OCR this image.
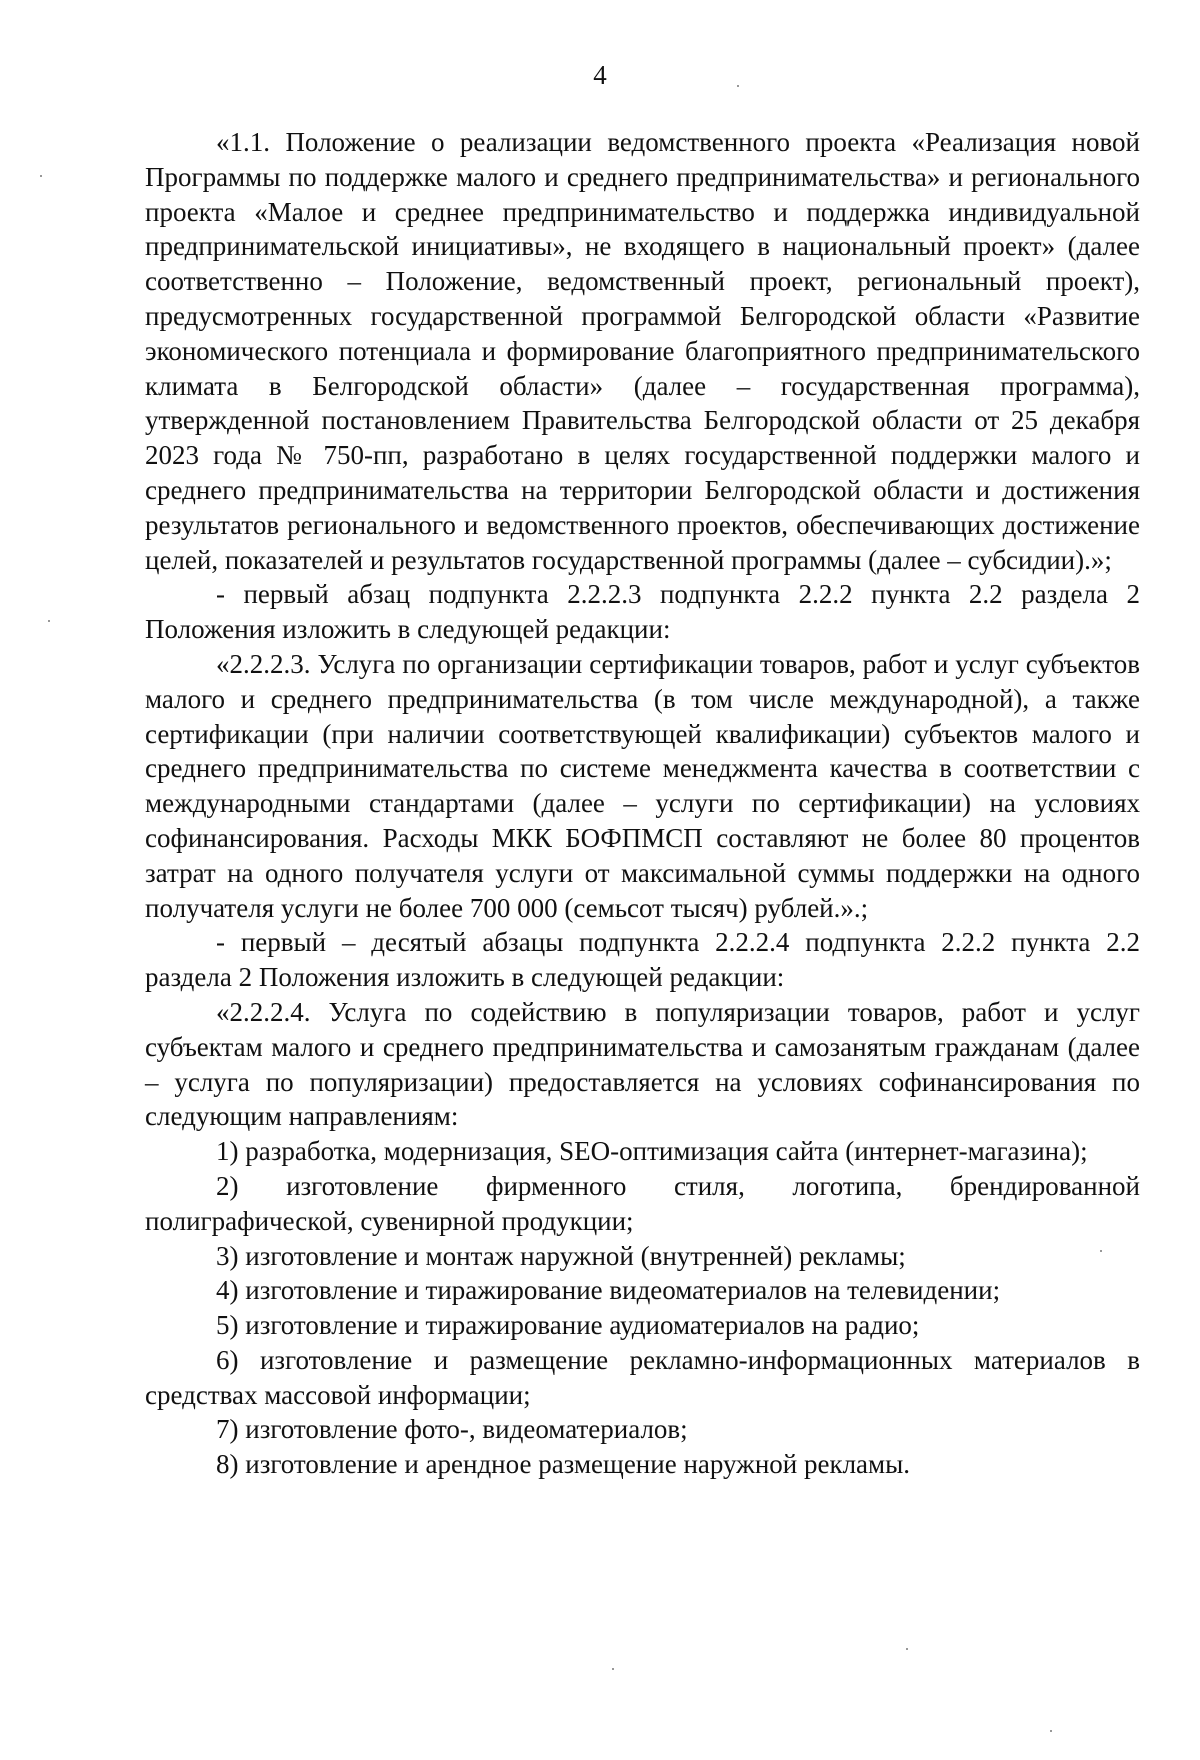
4

«1.1. Положение о реализации ведомственного проекта «Реализация новой Программы по поддержке малого и среднего предпринимательства» и регионального проекта «Малое и среднее предпринимательство и поддержка индивидуальной предпринимательской инициативы», не входящего в национальный проект» (далее соответственно – Положение, ведомственный проект, региональный проект), предусмотренных государственной программой Белгородской области «Развитие экономического потенциала и формирование благоприятного предпринимательского климата в Белгородской области» (далее – государственная программа), утвержденной постановлением Правительства Белгородской области от 25 декабря 2023 года № 750-пп, разработано в целях государственной поддержки малого и среднего предпринимательства на территории Белгородской области и достижения результатов регионального и ведомственного проектов, обеспечивающих достижение целей, показателей и результатов государственной программы (далее – субсидии).»;

- первый абзац подпункта 2.2.2.3 подпункта 2.2.2 пункта 2.2 раздела 2 Положения изложить в следующей редакции:

«2.2.2.3. Услуга по организации сертификации товаров, работ и услуг субъектов малого и среднего предпринимательства (в том числе международной), а также сертификации (при наличии соответствующей квалификации) субъектов малого и среднего предпринимательства по системе менеджмента качества в соответствии с международными стандартами (далее – услуги по сертификации) на условиях софинансирования. Расходы МКК БОФПМСП составляют не более 80 процентов затрат на одного получателя услуги от максимальной суммы поддержки на одного получателя услуги не более 700 000 (семьсот тысяч) рублей.».;

- первый – десятый абзацы подпункта 2.2.2.4 подпункта 2.2.2 пункта 2.2 раздела 2 Положения изложить в следующей редакции:

«2.2.2.4. Услуга по содействию в популяризации товаров, работ и услуг субъектам малого и среднего предпринимательства и самозанятым гражданам (далее – услуга по популяризации) предоставляется на условиях софинансирования по следующим направлениям:

1) разработка, модернизация, SEO-оптимизация сайта (интернет-магазина);

2) изготовление фирменного стиля, логотипа, брендированной полиграфической, сувенирной продукции;

3) изготовление и монтаж наружной (внутренней) рекламы;

4) изготовление и тиражирование видеоматериалов на телевидении;

5) изготовление и тиражирование аудиоматериалов на радио;

6) изготовление и размещение рекламно-информационных материалов в средствах массовой информации;

7) изготовление фото-, видеоматериалов;

8) изготовление и арендное размещение наружной рекламы.
